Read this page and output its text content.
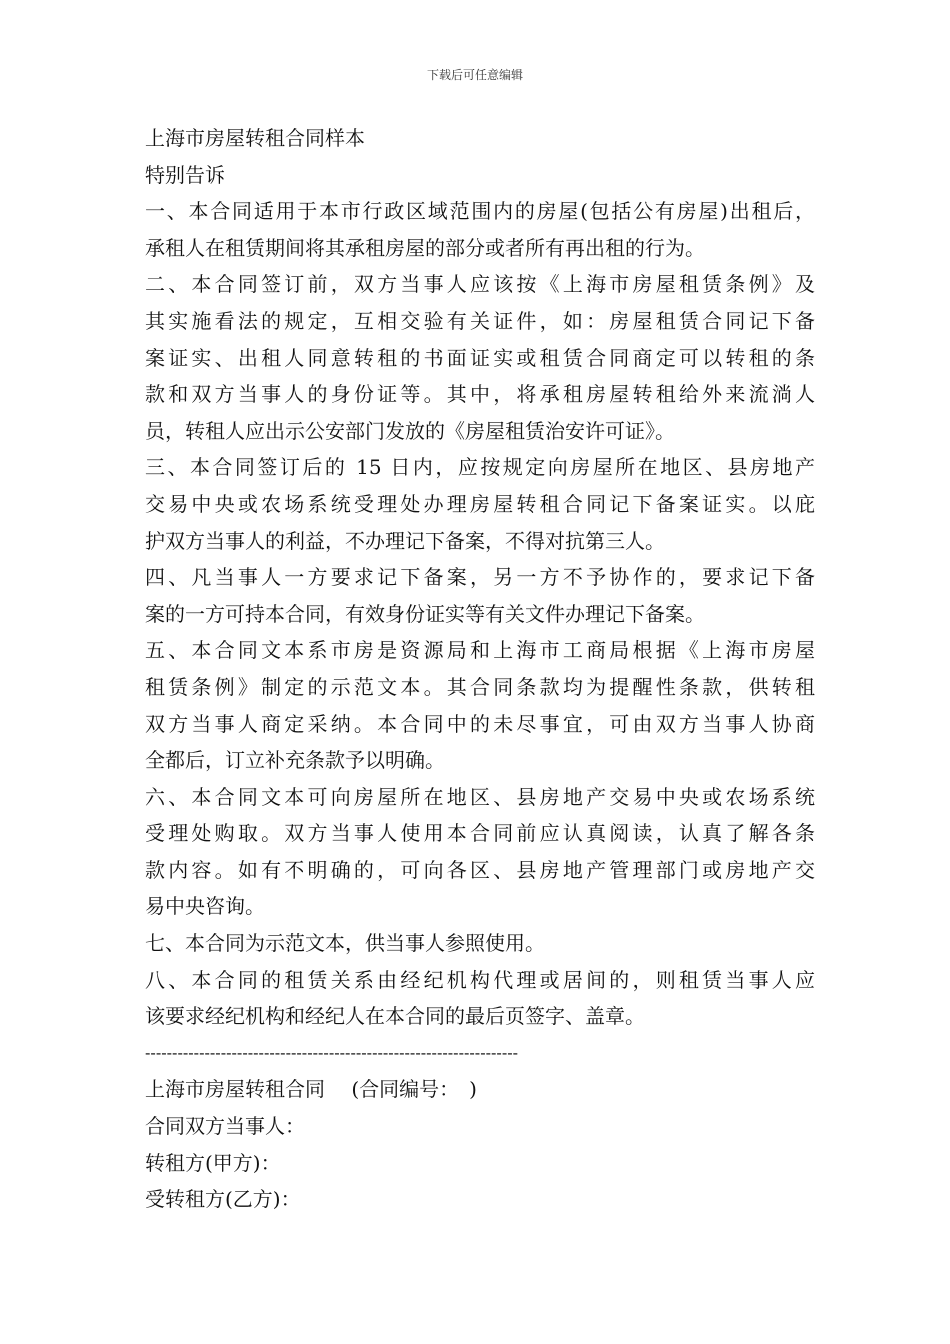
下载后可任意编辑
上海市房屋转租合同样本
特别告诉
一、本合同适用于本市行政区域范围内的房屋(包括公有房屋)出租后，
承租人在租赁期间将其承租房屋的部分或者所有再出租的行为。
二、本合同签订前，双方当事人应该按《上海市房屋租赁条例》及
其实施看法的规定，互相交验有关证件，如：房屋租赁合同记下备
案证实、出租人同意转租的书面证实或租赁合同商定可以转租的条
款和双方当事人的身份证等。其中，将承租房屋转租给外来流淌人
员，转租人应出示公安部门发放的《房屋租赁治安许可证》。
三、本合同签订后的 15 日内，应按规定向房屋所在地区、县房地产
交易中央或农场系统受理处办理房屋转租合同记下备案证实。以庇
护双方当事人的利益，不办理记下备案，不得对抗第三人。
四、凡当事人一方要求记下备案，另一方不予协作的，要求记下备
案的一方可持本合同，有效身份证实等有关文件办理记下备案。
五、本合同文本系市房是资源局和上海市工商局根据《上海市房屋
租赁条例》制定的示范文本。其合同条款均为提醒性条款，供转租
双方当事人商定采纳。本合同中的未尽事宜，可由双方当事人协商
全都后，订立补充条款予以明确。
六、本合同文本可向房屋所在地区、县房地产交易中央或农场系统
受理处购取。双方当事人使用本合同前应认真阅读，认真了解各条
款内容。如有不明确的，可向各区、县房地产管理部门或房地产交
易中央咨询。
七、本合同为示范文本，供当事人参照使用。
八、本合同的租赁关系由经纪机构代理或居间的，则租赁当事人应
该要求经纪机构和经纪人在本合同的最后页签字、盖章。
---------------------------------------------------------------------
上海市房屋转租合同　 (合同编号：　)
合同双方当事人：
转租方(甲方)：
受转租方(乙方)：
